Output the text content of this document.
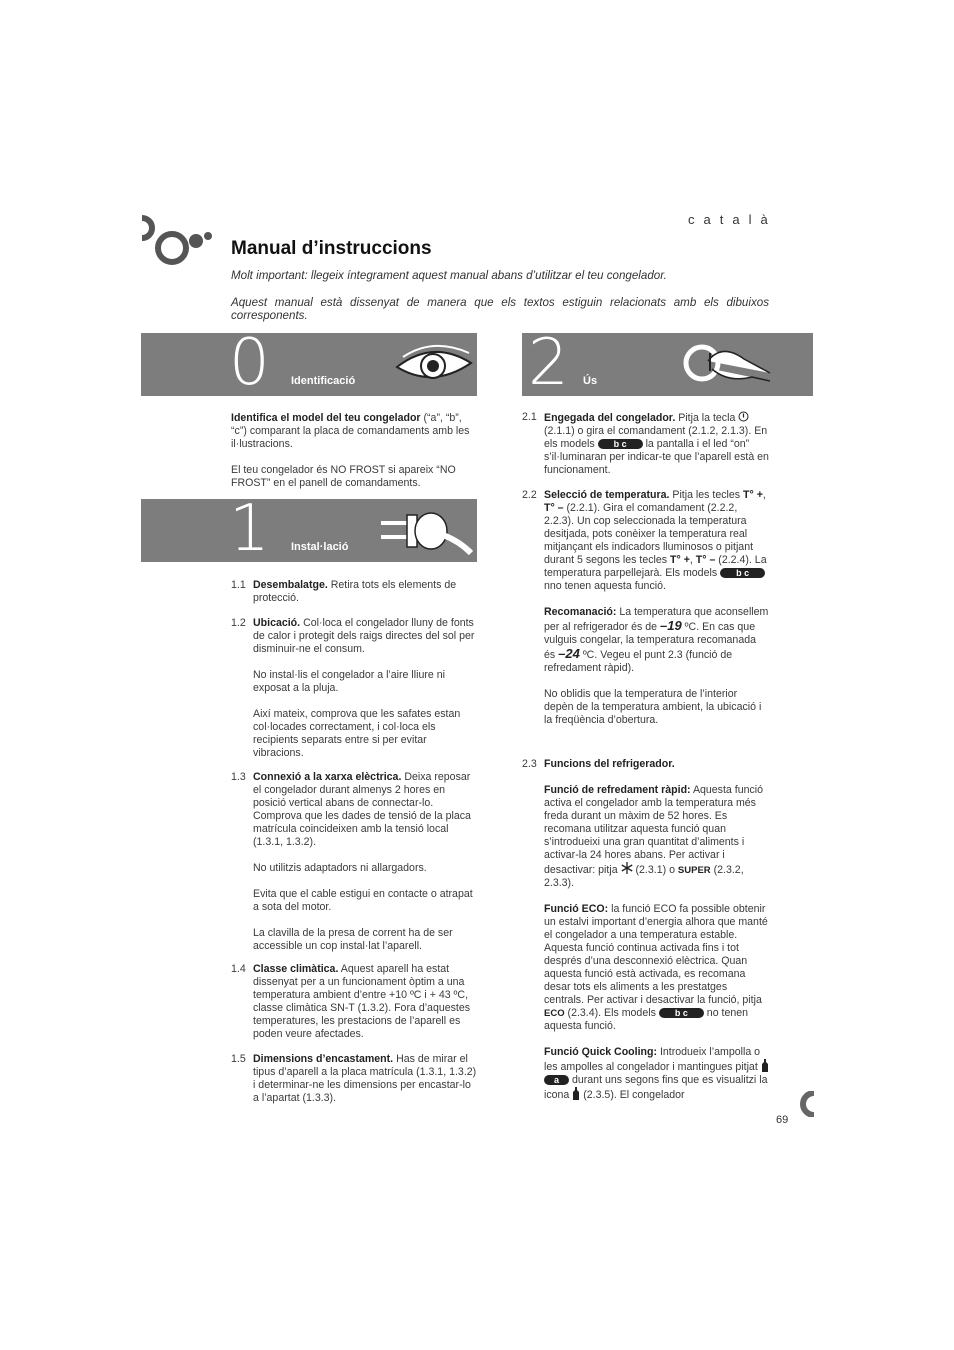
català
Manual d’instruccions
Molt important: llegeix íntegrament aquest manual abans d’utilitzar el teu congelador.
Aquest manual està dissenyat de manera que els textos estiguin relacionats amb els dibuixos corresponents.
0 Identificació
Identifica el model del teu congelador (“a”, “b”, “c”) comparant la placa de comandaments amb les il·lustracions.
El teu congelador és NO FROST si apareix “NO FROST” en el panell de comandaments.
1 Instal·lació
1.1 Desembalatge. Retira tots els elements de protecció.

1.2 Ubicació. Col·loca el congelador lluny de fonts de calor i protegit dels raigs directes del sol per disminuir-ne el consum.

No instal·lis el congelador a l’aire lliure ni exposat a la pluja.

Així mateix, comprova que les safates estan col·locades correctament, i col·loca els recipients separats entre si per evitar vibracions.

1.3 Connexió a la xarxa elèctrica. Deixa reposar el congelador durant almenys 2 hores en posició vertical abans de connectar-lo. Comprova que les dades de tensió de la placa matrícula coincideixen amb la tensió local (1.3.1, 1.3.2).

No utilitzis adaptadors ni allargadors.

Evita que el cable estigui en contacte o atrapat a sota del motor.

La clavilla de la presa de corrent ha de ser accessible un cop instal·lat l’aparell.

1.4 Classe climàtica. Aquest aparell ha estat dissenyat per a un funcionament òptim a una temperatura ambient d’entre +10 ºC i + 43 ºC, classe climàtica SN-T (1.3.2). Fora d’aquestes temperatures, les prestacions de l’aparell es poden veure afectades.

1.5 Dimensions d’encastament. Has de mirar el tipus d’aparell a la placa matrícula (1.3.1, 1.3.2) i determinar-ne les dimensions per encastar-lo a l’apartat (1.3.3).

2 Ús
2.1 Engegada del congelador. Pitja la tecla  (2.1.1) o gira el comandament (2.1.2, 2.1.3). En els models b c la pantalla i el led “on” s’il·luminaran per indicar-te que l’aparell està en funcionament.

2.2 Selecció de temperatura. Pitja les tecles T° +, T° – (2.2.1). Gira el comandament (2.2.2, 2.2.3). Un cop seleccionada la temperatura desitjada, pots conèixer la temperatura real mitjançant els indicadors lluminosos o pitjant durant 5 segons les tecles T° +, T° – (2.2.4). La temperatura parpellejarà. Els models b c nno tenen aquesta funció.

Recomanació: La temperatura que aconsellem per al refrigerador és de –19 ºC. En cas que vulguis congelar, la temperatura recomanada és –24 ºC. Vegeu el punt 2.3 (funció de refredament ràpid).

No oblidis que la temperatura de l’interior depèn de la temperatura ambient, la ubicació i la freqüència d’obertura.

2.3 Funcions del refrigerador.

Funció de refredament ràpid: Aquesta funció activa el congelador amb la temperatura més freda durant un màxim de 52 hores. Es recomana utilitzar aquesta funció quan s’introdueixi una gran quantitat d’aliments i activar-la 24 hores abans. Per activar i desactivar: pitja (2.3.1) o SUPER (2.3.2, 2.3.3).

Funció ECO: la funció ECO fa possible obtenir un estalvi important d’energia alhora que manté el congelador a una temperatura estable. Aquesta funció continua activada fins i tot després d’una desconnexió elèctrica. Quan aquesta funció està activada, es recomana desar tots els aliments a les prestatges centrals. Per activar i desactivar la funció, pitja ECO (2.3.4). Els models b c no tenen aquesta funció.

Funció Quick Cooling: Introdueix l’ampolla o les ampolles al congelador i mantingues pitjat  a durant uns segons fins que es visualitzi la icona (2.3.5). El congelador

69
